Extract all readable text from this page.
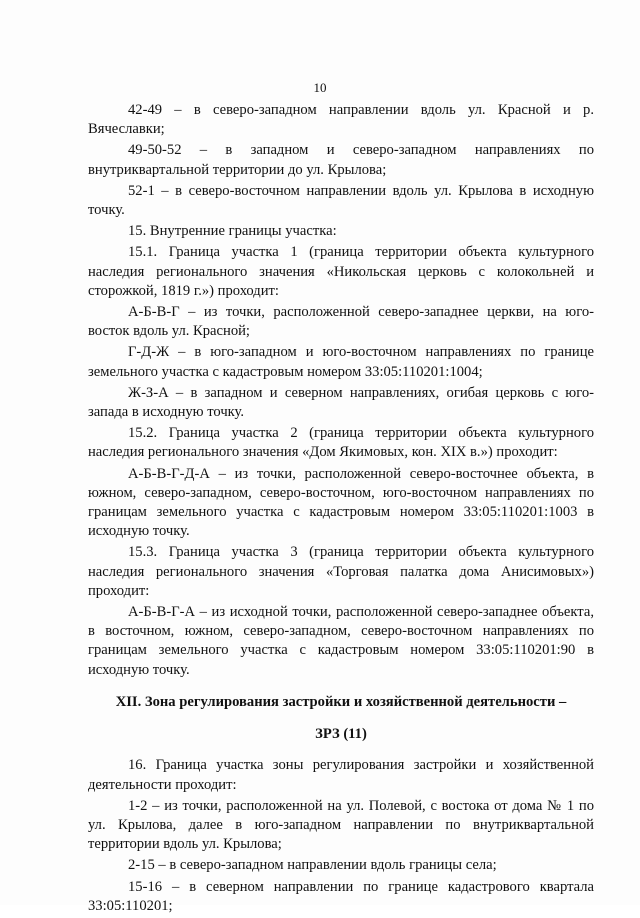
10

42-49 – в северо-западном направлении вдоль ул. Красной и р. Вячеславки;

49-50-52 – в западном и северо-западном направлениях по внутриквартальной территории до ул. Крылова;

52-1 – в северо-восточном направлении вдоль ул. Крылова в исходную точку.

15. Внутренние границы участка:

15.1. Граница участка 1 (граница территории объекта культурного наследия регионального значения «Никольская церковь с колокольней и сторожкой, 1819 г.») проходит:

А-Б-В-Г – из точки, расположенной северо-западнее церкви, на юго-восток вдоль ул. Красной;

Г-Д-Ж – в юго-западном и юго-восточном направлениях по границе земельного участка с кадастровым номером 33:05:110201:1004;

Ж-З-А – в западном и северном направлениях, огибая церковь с юго-запада в исходную точку.

15.2. Граница участка 2 (граница территории объекта культурного наследия регионального значения «Дом Якимовых, кон. XIX в.») проходит:

А-Б-В-Г-Д-А – из точки, расположенной северо-восточнее объекта, в южном, северо-западном, северо-восточном, юго-восточном направлениях по границам земельного участка с кадастровым номером 33:05:110201:1003 в исходную точку.

15.3. Граница участка 3 (граница территории объекта культурного наследия регионального значения «Торговая палатка дома Анисимовых») проходит:

А-Б-В-Г-А – из исходной точки, расположенной северо-западнее объекта, в восточном, южном, северо-западном, северо-восточном направлениях по границам земельного участка с кадастровым номером 33:05:110201:90 в исходную точку.

XII. Зона регулирования застройки и хозяйственной деятельности –

ЗРЗ (11)

16. Граница участка зоны регулирования застройки и хозяйственной деятельности проходит:

1-2 – из точки, расположенной на ул. Полевой, с востока от дома № 1 по ул. Крылова, далее в юго-западном направлении по внутриквартальной территории вдоль ул. Крылова;

2-15 – в северо-западном направлении вдоль границы села;

15-16 – в северном направлении по границе кадастрового квартала 33:05:110201;
